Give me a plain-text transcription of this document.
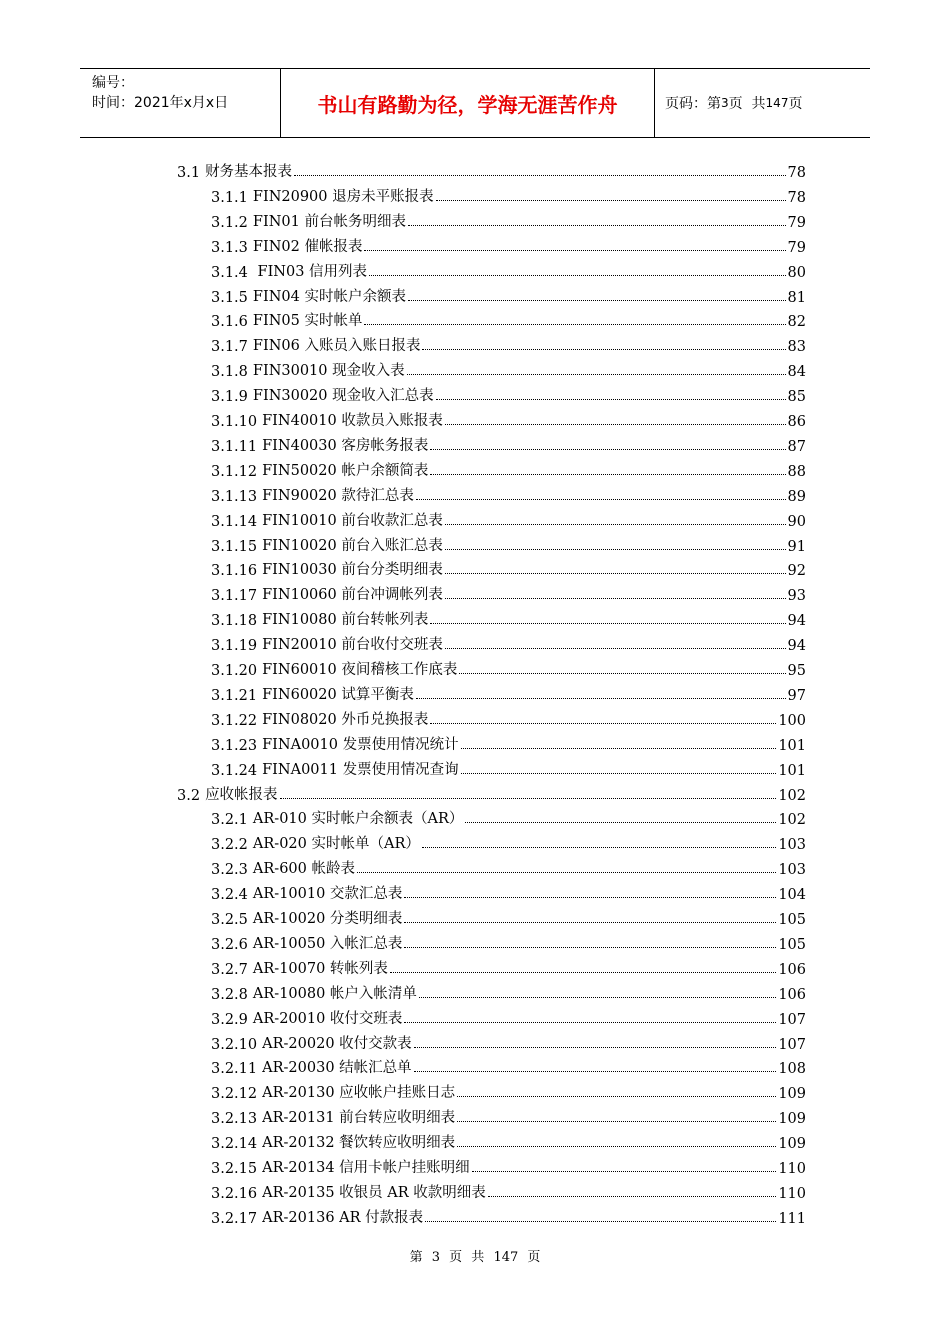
编号：
时间：2021年x月x日	书山有路勤为径，学海无涯苦作舟	页码：第 3 页  共 147 页
3.1 财务基本报表	78
3.1.1 FIN20900 退房未平账报表	78
3.1.2 FIN01 前台帐务明细表	79
3.1.3 FIN02 催帐报表	79
3.1.4 FIN03 信用列表	80
3.1.5 FIN04 实时帐户余额表	81
3.1.6 FIN05 实时帐单	82
3.1.7 FIN06 入账员入账日报表	83
3.1.8 FIN30010 现金收入表	84
3.1.9 FIN30020 现金收入汇总表	85
3.1.10 FIN40010 收款员入账报表	86
3.1.11 FIN40030 客房帐务报表	87
3.1.12 FIN50020 帐户余额简表	88
3.1.13 FIN90020 款待汇总表	89
3.1.14 FIN10010 前台收款汇总表	90
3.1.15 FIN10020 前台入账汇总表	91
3.1.16 FIN10030 前台分类明细表	92
3.1.17 FIN10060 前台冲调帐列表	93
3.1.18 FIN10080 前台转帐列表	94
3.1.19 FIN20010 前台收付交班表	94
3.1.20 FIN60010 夜间稽核工作底表	95
3.1.21 FIN60020 试算平衡表	97
3.1.22 FIN08020 外币兑换报表	100
3.1.23 FINA0010 发票使用情况统计	101
3.1.24 FINA0011 发票使用情况查询	101
3.2 应收帐报表	102
3.2.1 AR-010 实时帐户余额表（AR）	102
3.2.2 AR-020 实时帐单（AR）	103
3.2.3 AR-600 帐龄表	103
3.2.4 AR-10010 交款汇总表	104
3.2.5 AR-10020 分类明细表	105
3.2.6 AR-10050 入帐汇总表	105
3.2.7 AR-10070 转帐列表	106
3.2.8 AR-10080 帐户入帐清单	106
3.2.9 AR-20010 收付交班表	107
3.2.10 AR-20020 收付交款表	107
3.2.11 AR-20030 结帐汇总单	108
3.2.12 AR-20130 应收帐户挂账日志	109
3.2.13 AR-20131 前台转应收明细表	109
3.2.14 AR-20132 餐饮转应收明细表	109
3.2.15 AR-20134 信用卡帐户挂账明细	110
3.2.16 AR-20135 收银员 AR 收款明细表	110
3.2.17 AR-20136 AR 付款报表	111
第 3 页 共 147 页
